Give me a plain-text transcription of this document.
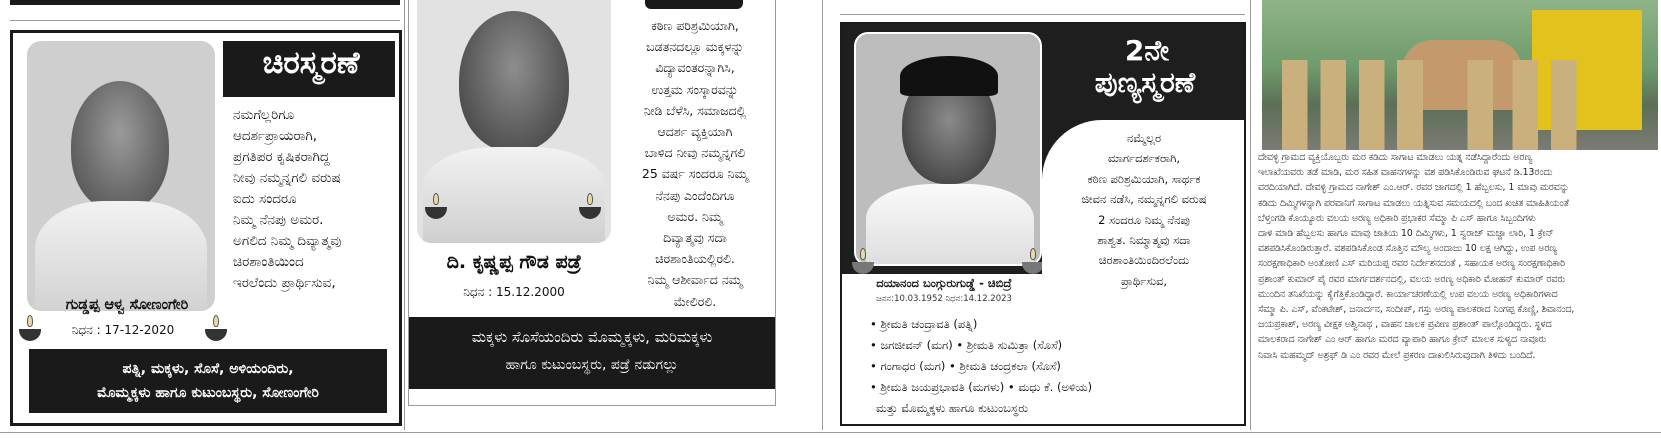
ಚಿರಸ್ಮರಣೆ
ನಮಗೆಲ್ಲರಿಗೂ
ಆದರ್ಶಪ್ರಾಯರಾಗಿ,
ಪ್ರಗತಿಪರ ಕೃಷಿಕರಾಗಿದ್ದ
ನೀವು ನಮ್ಮನ್ನಗಲಿ ವರುಷ
ಐದು ಸಂದರೂ
ನಿಮ್ಮ ನೆನಪು ಅಮರ.
ಅಗಲಿದ ನಿಮ್ಮ ದಿವ್ಯಾತ್ಮವು
ಚಿರಶಾಂತಿಯಿಂದ
ಇರಲೆಂದು ಪ್ರಾರ್ಥಿಸುವ,
ಗುಡ್ಡಪ್ಪ ಆಳ್ವ ಸೋಣಂಗೇರಿ
ನಿಧನ : 17-12-2020
ಪತ್ನಿ, ಮಕ್ಕಳು, ಸೊಸೆ, ಅಳಿಯಂದಿರು,
ಮೊಮ್ಮಕ್ಕಳು ಹಾಗೂ ಕುಟುಂಬಸ್ಥರು, ಸೋಣಂಗೇರಿ
ಕಠಿಣ ಪರಿಶ್ರಮಿಯಾಗಿ,
ಬಡತನದಲ್ಲೂ ಮಕ್ಕಳನ್ನು
ವಿದ್ಯಾವಂತರನ್ನಾಗಿಸಿ,
ಉತ್ತಮ ಸಂಸ್ಕಾರವನ್ನು
ನೀಡಿ ಬೆಳೆಸಿ, ಸಮಾಜದಲ್ಲಿ
ಆದರ್ಶ ವ್ಯಕ್ತಿಯಾಗಿ
ಬಾಳಿದ ನೀವು ನಮ್ಮನ್ನಗಲಿ
25 ವರ್ಷ ಸಂದರೂ ನಿಮ್ಮ
ನೆನಪು ಎಂದೆಂದಿಗೂ
ಅಮರ. ನಿಮ್ಮ
ದಿವ್ಯಾತ್ಮವು ಸದಾ
ಚಿರಶಾಂತಿಯಲ್ಲಿರಲಿ.
ನಿಮ್ಮ ಆಶೀರ್ವಾದ ನಮ್ಮ
ಮೇಲಿರಲಿ.
ದಿ. ಕೃಷ್ಣಪ್ಪ ಗೌಡ ಪಡ್ರೆ
ನಿಧನ : 15.12.2000
ಮಕ್ಕಳು ಸೊಸೆಯಂದಿರು ಮೊಮ್ಮಕ್ಕಳು, ಮರಿಮಕ್ಕಳು
ಹಾಗೂ ಕುಟುಂಬಸ್ಥರು, ಪಡ್ರೆ ನಡುಗಲ್ಲು
2ನೇ
ಪುಣ್ಯಸ್ಮರಣೆ
ನಮ್ಮೆಲ್ಲರ
ಮಾರ್ಗದರ್ಶಕರಾಗಿ,
ಕಠಿಣ ಪರಿಶ್ರಮಿಯಾಗಿ, ಸಾರ್ಥಕ
ಜೀವನ ನಡೆಸಿ, ನಮ್ಮನ್ನಗಲಿ ವರುಷ
2 ಸಂದರೂ ನಿಮ್ಮ ನೆನಪು
ಶಾಶ್ವತ. ನಿಮ್ಮಾತ್ಮವು ಸದಾ
ಚಿರಶಾಂತಿಯಿಂದಿರಲೆಂದು
ಪ್ರಾರ್ಥಿಸುವ,
ದಯಾನಂದ ಬಂಗ್ಗುರುಗುಡ್ಡೆ - ಚಿಬಿದ್ರೆ
ಜನನ:10.03.1952 ನಿಧನ:14.12.2023
• ಶ್ರೀಮತಿ ಚಂದ್ರಾವತಿ (ಪತ್ನಿ)
• ಜಗಜೀವನ್ (ಮಗ) • ಶ್ರೀಮತಿ ಸುಮಿತ್ರಾ (ಸೊಸೆ)
• ಗಂಗಾಧರ (ಮಗ) • ಶ್ರೀಮತಿ ಚಂದ್ರಕಲಾ (ಸೊಸೆ)
• ಶ್ರೀಮತಿ ಜಯಪ್ರಭಾವತಿ (ಮಗಳು) • ಮಧು ಕೆ. (ಅಳಿಯ)
ಮತ್ತು ಮೊಮ್ಮಕ್ಕಳು ಹಾಗೂ ಕುಟುಂಬಸ್ಥರು
ದೇವಳ್ಳಿ ಗ್ರಾಮದ ವ್ಯಕ್ತಿಯೊಬ್ಬರು ಮರ ಕಡಿದು ಸಾಗಾಟ ಮಾಡಲು ಯತ್ನ ನಡೆಸಿದ್ದಾರೆಂದು ಅರಣ್ಯ
ಇಲಾಖೆಯವರು ತಡೆ ಮಾಡಿ, ಮರ ಸಹಿತ ವಾಹನಗಳನ್ನು ವಶ ಪಡಿಸಿಕೊಂಡಿರುವ ಘಟನೆ ಡಿ.13ರಂದು
ವರದಿಯಾಗಿದೆ. ದೇವಳ್ಳಿ ಗ್ರಾಮದ ನಾಗೇಶ್ ಎಂ.ಆರ್. ರವರ ಜಾಗದಲ್ಲಿ 1 ಹೆಬ್ಬಲಸು, 1 ಮಾವು ಮರವನ್ನು
ಕಡಿದು ದಿಮ್ಮಿಗಳನ್ನಾಗಿ ಪರವಾನಿಗೆ ಸಾಗಾಟ ಮಾಡಲು ಯತ್ನಿಸುವ ಸಮಯದಲ್ಲಿ ಬಂದ ಖಚಿತ ಮಾಹಿತಿಯಂತೆ
ಬೆಳ್ತಂಗಡಿ ಕೊಯ್ಯೂರು ವಲಯ ಅರಣ್ಯ ಅಧಿಕಾರಿ ಪ್ರಭಾಕರ ಸೆಮ್ಮಾ ಪಿ ಎಸ್ ಹಾಗೂ ಸಿಬ್ಬಂದಿಗಳು
ದಾಳಿ ಮಾಡಿ ಹೆಬ್ಬಲಸು ಹಾಗೂ ಮಾವು ಜಾತಿಯ 10 ದಿಮ್ಮಿಗಳು, 1 ಸ್ವರಾಜ್ ಮಜ್ದಾ ಲಾರಿ, 1 ಕ್ರೇನ್
ವಶಪಡಿಸಿಕೊಂಡಿರುತ್ತಾರೆ. ವಶಪಡಿಸಿಕೊಂಡ ಸೊತ್ತಿನ ಮೌಲ್ಯ ಅಂದಾಜು 10 ಲಕ್ಷ ಆಗಿದ್ದು, ಉಪ ಅರಣ್ಯ
ಸಂರಕ್ಷಣಾಧಿಕಾರಿ ಅಂತೋಣಿ ಎಸ್ ಮರಿಯಪ್ಪ ರವರ ನಿರ್ದೇಶನದಂತೆ , ಸಹಾಯಕ ಅರಣ್ಯ ಸಂರಕ್ಷಣಾಧಿಕಾರಿ
ಪ್ರಶಾಂತ್ ಕುಮಾರ್ ಪೈ ರವರ ಮಾರ್ಗದರ್ಶನದಲ್ಲಿ, ವಲಯ ಅರಣ್ಯ ಅಧಿಕಾರಿ ಮೋಹನ್ ಕುಮಾರ್ ರವರು
ಮುಂದಿನ ತನಿಖೆಯನ್ನು ಕೈಗೆತ್ತಿಕೊಂಡಿದ್ದಾರೆ. ಕಾರ್ಯಾಚರಣೆಯಲ್ಲಿ ಉಪ ವಲಯ ಅರಣ್ಯ ಅಧಿಕಾರಿಗಳಾದ
ಸೆಮ್ಮಾ ಪಿ. ಎಸ್, ವೆಂಕಟೇಶ್, ಜನಾರ್ದನ, ಸಂದೀಪ್, ಗಸ್ತು ಅರಣ್ಯ ಪಾಲಕರಾದ ನಿಂಗಪ್ಪ ಕೊಣ್ಣಿ, ಶಿವಾನಂದ,
ಜಯಪ್ರಕಾಶ್, ಅರಣ್ಯ ವೀಕ್ಷಕ ಅಶ್ವಿನಾಥ , ವಾಹನ ಚಾಲಕ ಪ್ರವೀಣ ಪ್ರಶಾಂತ್‌ ಪಾಲ್ಗೊಂಡಿದ್ದರು. ಸ್ಥಳದ
ಮಾಲಕರಾದ ನಾಗೇಶ್ ಎಂ ಆರ್ ಹಾಗೂ ಮರದ ವ್ಯಾಪಾರಿ ಹಾಗೂ ಕ್ರೇನ್ ಮಾಲಕ ಸುಳ್ಯದ ನಾವೂರು
ನಿವಾಸಿ ಮಹಮ್ಮದ್ ಅಶ್ರಫ್ ಡಿ ಎಂ ರವರ ಮೇಲೆ ಪ್ರಕರಣ ದಾಖಲಿಸಿರುವುದಾಗಿ ತಿಳಿದು ಬಂದಿದೆ.
